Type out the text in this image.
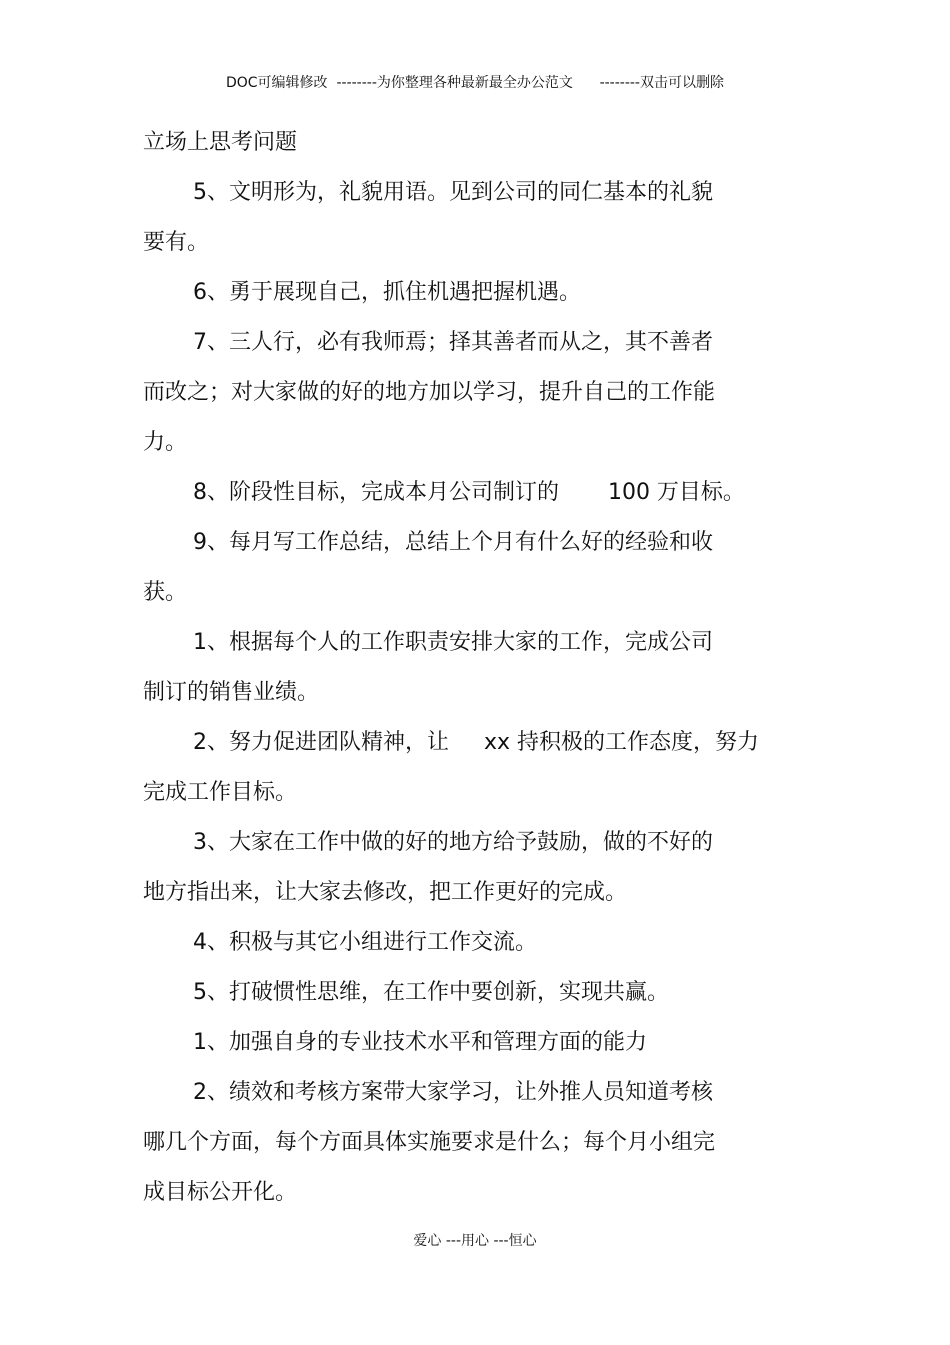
DOC可编辑修改  --------为你整理各种最新最全办公范文      --------双击可以删除
立场上思考问题
5、文明形为，礼貌用语。见到公司的同仁基本的礼貌
要有。
6、勇于展现自己，抓住机遇把握机遇。
7、三人行，必有我师焉；择其善者而从之，其不善者
而改之；对大家做的好的地方加以学习，提升自己的工作能
力。
8、阶段性目标，完成本月公司制订的       100 万目标。
9、每月写工作总结，总结上个月有什么好的经验和收
获。
1、根据每个人的工作职责安排大家的工作，完成公司
制订的销售业绩。
2、努力促进团队精神，让     xx 持积极的工作态度，努力
完成工作目标。
3、大家在工作中做的好的地方给予鼓励，做的不好的
地方指出来，让大家去修改，把工作更好的完成。
4、积极与其它小组进行工作交流。
5、打破惯性思维，在工作中要创新，实现共赢。
1、加强自身的专业技术水平和管理方面的能力
2、绩效和考核方案带大家学习，让外推人员知道考核
哪几个方面，每个方面具体实施要求是什么；每个月小组完
成目标公开化。
爱心 ---用心 ---恒心
